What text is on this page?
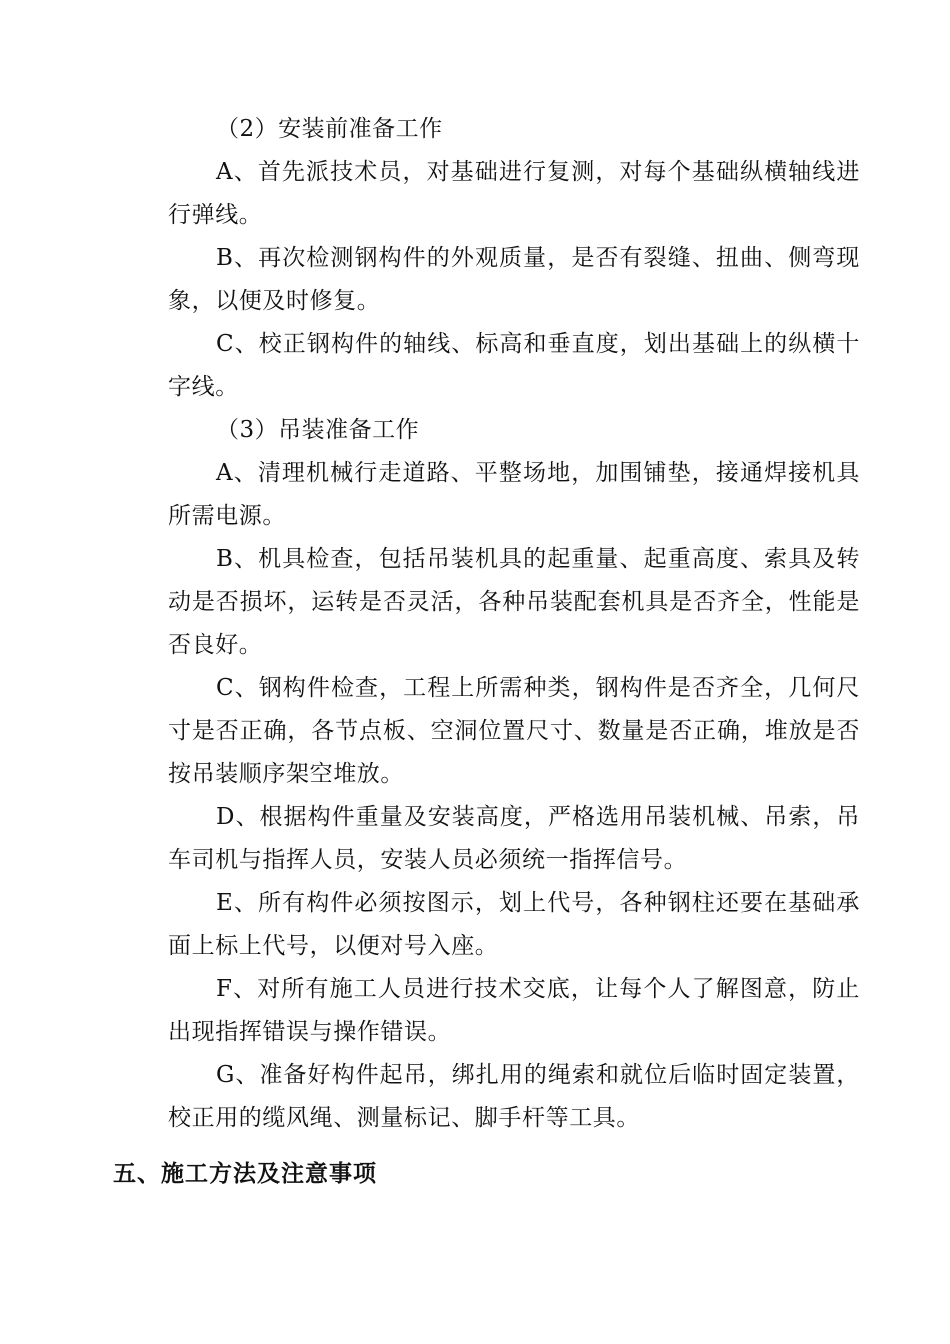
（2）安装前准备工作

A、首先派技术员，对基础进行复测，对每个基础纵横轴线进行弹线。

B、再次检测钢构件的外观质量，是否有裂缝、扭曲、侧弯现象，以便及时修复。

C、校正钢构件的轴线、标高和垂直度，划出基础上的纵横十字线。

（3）吊装准备工作

A、清理机械行走道路、平整场地，加围铺垫，接通焊接机具所需电源。

B、机具检查，包括吊装机具的起重量、起重高度、索具及转动是否损坏，运转是否灵活，各种吊装配套机具是否齐全，性能是否良好。

C、钢构件检查，工程上所需种类，钢构件是否齐全，几何尺寸是否正确，各节点板、空洞位置尺寸、数量是否正确，堆放是否按吊装顺序架空堆放。

D、根据构件重量及安装高度，严格选用吊装机械、吊索，吊车司机与指挥人员，安装人员必须统一指挥信号。

E、所有构件必须按图示，划上代号，各种钢柱还要在基础承面上标上代号，以便对号入座。

F、对所有施工人员进行技术交底，让每个人了解图意，防止出现指挥错误与操作错误。

G、准备好构件起吊，绑扎用的绳索和就位后临时固定装置，校正用的缆风绳、测量标记、脚手杆等工具。

五、施工方法及注意事项
